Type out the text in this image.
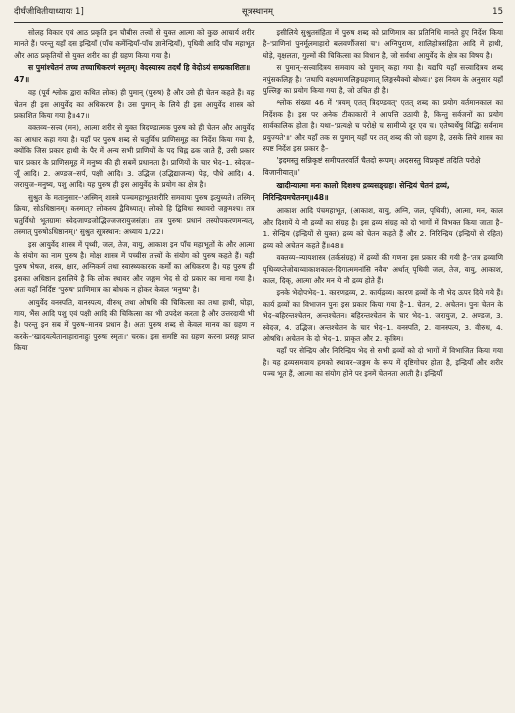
दीर्घंजीवितीयाध्यायः 1]	सूत्रस्थानम्	15

सोलह विकार एवं आठ प्रकृति इन चौबीस तत्त्वों से युक्त आत्मा को कुछ आचार्य शरीर मानते हैं। परन्तु यहाँ दस इन्द्रियाँ (पाँच कर्मेन्द्रियाँ-पाँच ज्ञानेन्द्रियाँ), पृथिवी आदि पाँच महाभूत और आठ प्रकृतियों से युक्त शरीर का ही ग्रहण किया गया है।

स पुमांश्चेतनं तच्च तच्चाधिकरणं स्मृतम्। वेदस्यास्य तदर्थं हि वेदोऽयं सम्प्रकाशितः॥47॥

वह (पूर्व श्लोक द्वारा कथित लोक) ही पुमान् (पुरुष) है और उसे ही चेतन कहते हैं। वह चेतन ही इस आयुर्वेद का अधिकरण है। उस पुमान् के लिये ही इस आयुर्वेद शास्त्र को प्रकाशित किया गया है॥47॥

वक्तव्य–सत्त्व (मन), आत्मा शरीर से युक्त त्रिदण्डात्मक पुरुष को ही चेतन और आयुर्वेद का आधार कहा गया है। यहाँ पर पुरुष शब्द से चतुर्विध प्राणिसमूह का निर्देश किया गया है, क्योंकि जिस प्रकार हाथी के पैर में अन्य सभी प्राणियों के पद चिह्न ढक जाते हैं, उसी प्रकार चार प्रकार के प्राणिसमूह में मनुष्य की ही सबमें प्रधानता है। प्राणियों के चार भेद–1. स्वेदज–जूँ आदि। 2. अण्डज–सर्प, पक्षी आदि। 3. उद्भिज (उद्भिद्याजन्य) पेड़, पौधे आदि। 4. जरायुज–मनुष्य, पशु आदि। यह पुरुष ही इस आयुर्वेद के प्रयोग का क्षेत्र है।

सुश्रुत के मतानुसार–'अस्मिन् शास्त्रे पञ्चमहाभूतशरीरि समवायः पुरुष इत्युच्यते। तस्मिन् क्रिया, सोऽधिष्ठानम्। कस्मात्? लोकस्य द्वैविध्यात्। लोको हि द्विविधः स्थावरो जङ्गमश्च। तत्र चतुर्विधो भूतग्रामः स्वेदजाण्डजोद्भिज्जजरायुजसंज्ञः। तत्र पुरुषः प्रधानं तस्योपकरणमन्यत्, तस्मात् पुरुषोऽधिष्ठानम्।' सुश्रुत सूत्रस्थान: अध्याय 1/22।

इस आयुर्वेद शास्त्र में पृथ्वी, जल, तेज, वायु, आकाश इन पाँच महाभूतों के और आत्मा के संयोग का नाम पुरुष है। मोक्ष शास्त्र में पच्चीस तत्त्वों के संयोग को पुरुष कहते हैं। यही पुरुष भेषज, शस्त्र, क्षार, अग्निकर्म तथा स्वास्थ्यकारक कर्मों का अधिकरण है। यह पुरुष ही इसका अधिष्ठान इसलिये है कि लोक स्थावर और जङ्गम भेद से दो प्रकार का माना गया है। अतः यहाँ निर्दिष्ट 'पुरुष' प्राणिमात्र का बोधक न होकर केवल 'मनुष्य' है।

आयुर्वेद वनस्पति, वानस्पत्य, वीरुध् तथा ओषधि की चिकित्सा का तथा हाथी, घोड़ा, गाय, भैंस आदि पशु एवं पक्षी आदि की चिकित्सा का भी उपदेश करता है और उत्तरदायी भी है। परन्तु इन सब में पुरुष–मानव प्रधान है। अतः पुरुष शब्द से केवल मानव का ग्रहण न करके–'खादयत्येतानाहारानाहुः पुरुषः स्मृतः।' चरक। इस समष्टि का ग्रहण करना प्रसङ्ग प्राप्त किया

इसीलिये सुश्रुतसंहिता में पुरुष शब्द को प्राणिमात्र का प्रतिनिधि मानते हुए निर्देश किया है–'प्राणिनां पुनर्मूलमाहारो बलवर्णौजसां च'। अग्निपुराण, शालिहोत्रसंहिता आदि में हाथी, घोड़े, वृक्षलता, गुल्मों की चिकित्सा का विधान है, जो सर्वथा आयुर्वेद के क्षेत्र का विषय है।

स पुमान्–सत्त्वादित्रय समवाय को पुमान् कहा गया है। यद्यपि यहाँ सत्त्वादित्रय शब्द नपुंसकलिङ्ग है। 'तथापि वक्ष्यमाणलिङ्गग्रहणात् लिङ्गस्यैक्वो बोध्यः।' इस नियम के अनुसार यहाँ पुल्लिङ्ग का प्रयोग किया गया है, जो उचित ही है।

श्लोक संख्या 46 में 'त्रयम् एतत् त्रिदण्डवत्' एतत् शब्द का प्रयोग वर्तमानकाल का निर्देशक है। इस पर अनेक टीकाकारों ने आपत्ति उठायी है, किन्तु सर्वजनों का प्रयोग सार्वकालिक होता है। यथा–'प्रत्यक्षे च परोक्षे च सामीप्ये दूर एव च। एतेष्वर्थेषु विद्धिः सर्वनाम प्रयुज्यते'॥' और यहाँ तक स पुमान् यहाँ पर तत् शब्द की जो ग्रहण है, उसके लिये शास्त्र का स्पष्ट निर्देश इस प्रकार है–

'इदमस्तु सन्निकृष्टं समीपतरवर्ति चैतदो रूपम्। अदसस्तु विप्रकृष्टं तदिति परोक्षे विजानीयात्॥'

खादीन्यात्मा मनः कालो दिशश्च द्रव्यसङ्ग्रहः। सेन्द्रियं चेतनं द्रव्यं, निरिन्द्रियमचेतनम्॥48॥

आकाश आदि पंचमहाभूत, (आकाश, वायु, अग्नि, जल, पृथिवी), आत्मा, मन, काल और दिशायें ये नौ द्रव्यों का संग्रह है। इस द्रव्य संग्रह को दो भागों में विभक्त किया जाता है–1. सेन्द्रिय (इन्द्रियों से युक्त) द्रव्य को चेतन कहते हैं और 2. निरिन्द्रिय (इन्द्रियों से रहित) द्रव्य को अचेतन कहते हैं॥48॥

वक्तव्य–न्यायशास्त्र (तर्कसंग्रह) में द्रव्यों की गणना इस प्रकार की गयी है–'तत्र द्रव्याणि पृथिव्यप्तेजोवाय्वाकाशकाल-दिगात्ममनांसि नवैव' अर्थात् पृथिवी जल, तेज, वायु, आकाश, काल, दिक्, आत्मा और मन ये नौ द्रव्य होते हैं।

इनके भेदोपभेद–1. कारणद्रव्य, 2. कार्यद्रव्य। कारण द्रव्यों के नौ भेद ऊपर दिये गये हैं। कार्य द्रव्यों का विभाजन पुनः इस प्रकार किया गया है–1. चेतन, 2. अचेतन। पुनः चेतन के भेद–बहिरन्तश्चेतन, अन्तश्चेतन। बहिरन्तश्चेतन के चार भेद–1. जरायुज, 2. अण्डज, 3. स्वेदज, 4. उद्भिज। अन्तश्चेतन के चार भेद–1. वनस्पति, 2. वानस्पत्य, 3. वीरुध, 4. ओषधि। अचेतन के दो भेद–1. प्राकृत और 2. कृत्रिम।

यहाँ पर सेन्द्रिय और निरिन्द्रिय भेद से सभी द्रव्यों को दो भागों में विभाजित किया गया है। यह द्रव्यसमवाय हमको स्थावर–जङ्गम के रूप में दृष्टिगोचर होता है, इन्द्रियाँ और शरीर पञ्च भूत हैं, आत्मा का संयोग होने पर इनमें चेतनता आती है। इन्द्रियाँ
